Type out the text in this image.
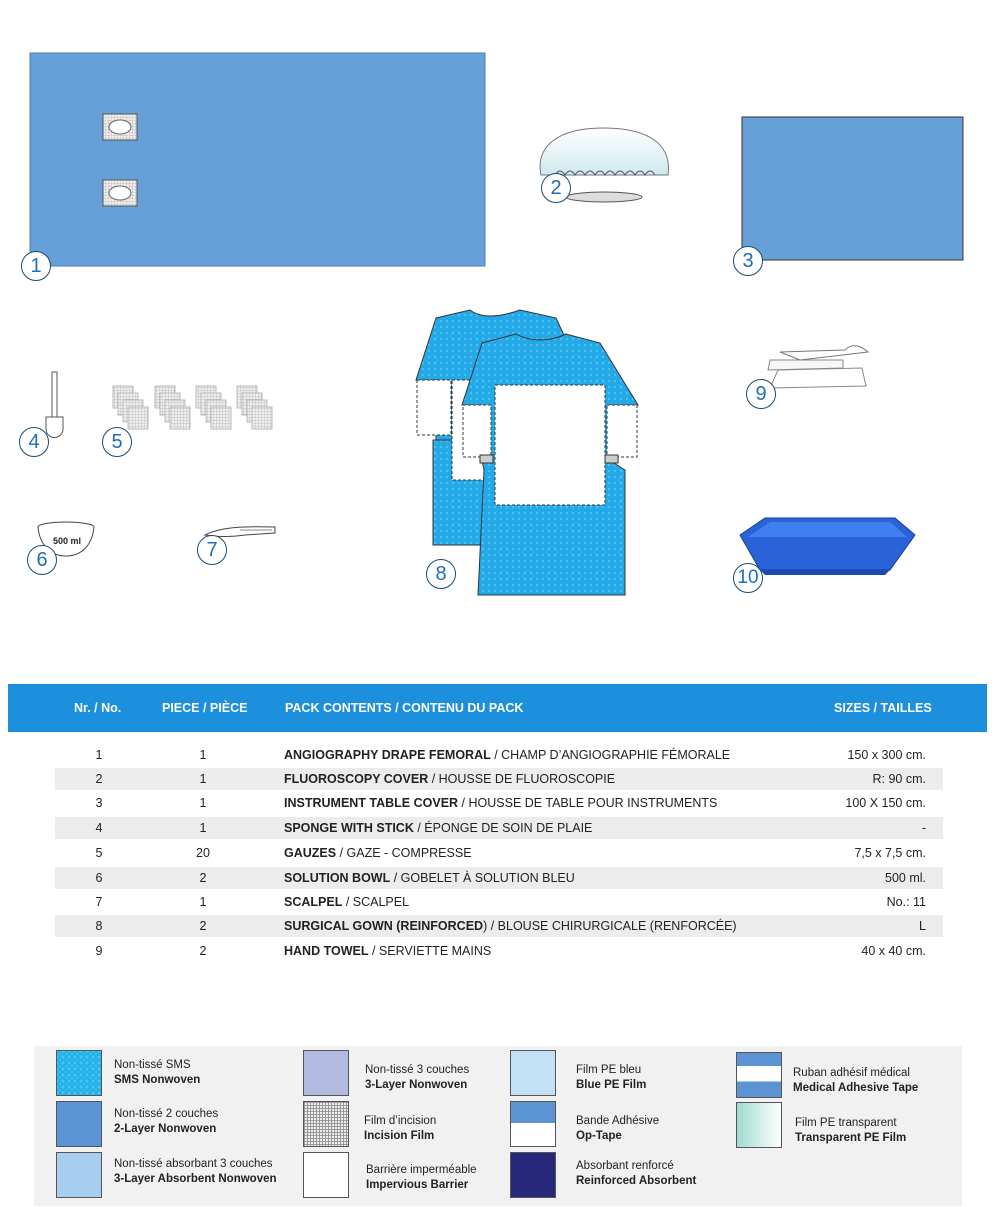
500 ml
1
2
3
4	5
6	7
8
9
10
Nr. / No.	PIECE / PIÈCE	PACK CONTENTS / CONTENU DU PACK	SIZES / TAILLES
1	1	ANGIOGRAPHY DRAPE FEMORAL / CHAMP D’ANGIOGRAPHIE FÉMORALE	150 x 300 cm.
2	1	FLUOROSCOPY COVER / HOUSSE DE FLUOROSCOPIE	R: 90 cm.
3	1	INSTRUMENT TABLE COVER / HOUSSE DE TABLE POUR INSTRUMENTS	100 X 150 cm.
4	1	SPONGE WITH STICK / ÉPONGE DE SOIN DE PLAIE	-
5	20	GAUZES / GAZE - COMPRESSE	7,5 x 7,5 cm.
6	2	SOLUTION BOWL / GOBELET À SOLUTION BLEU	500 ml.
7	1	SCALPEL / SCALPEL	No.: 11
8	2	SURGICAL GOWN (REINFORCED) / BLOUSE CHIRURGICALE (RENFORCÉE)	L
9	2	HAND TOWEL / SERVIETTE MAINS	40 x 40 cm.
Non-tissé SMS
SMS Nonwoven
Non-tissé 2 couches
2-Layer Nonwoven
Non-tissé absorbant 3 couches
3-Layer Absorbent Nonwoven
Non-tissé 3 couches
3-Layer Nonwoven
Film d’incision
Incision Film
Barrière imperméable
Impervious Barrier
Film PE bleu
Blue PE Film
Bande Adhésive
Op-Tape
Absorbant renforcé
Reinforced Absorbent
Ruban adhésif médical
Medical Adhesive Tape
Film PE transparent
Transparent PE Film
